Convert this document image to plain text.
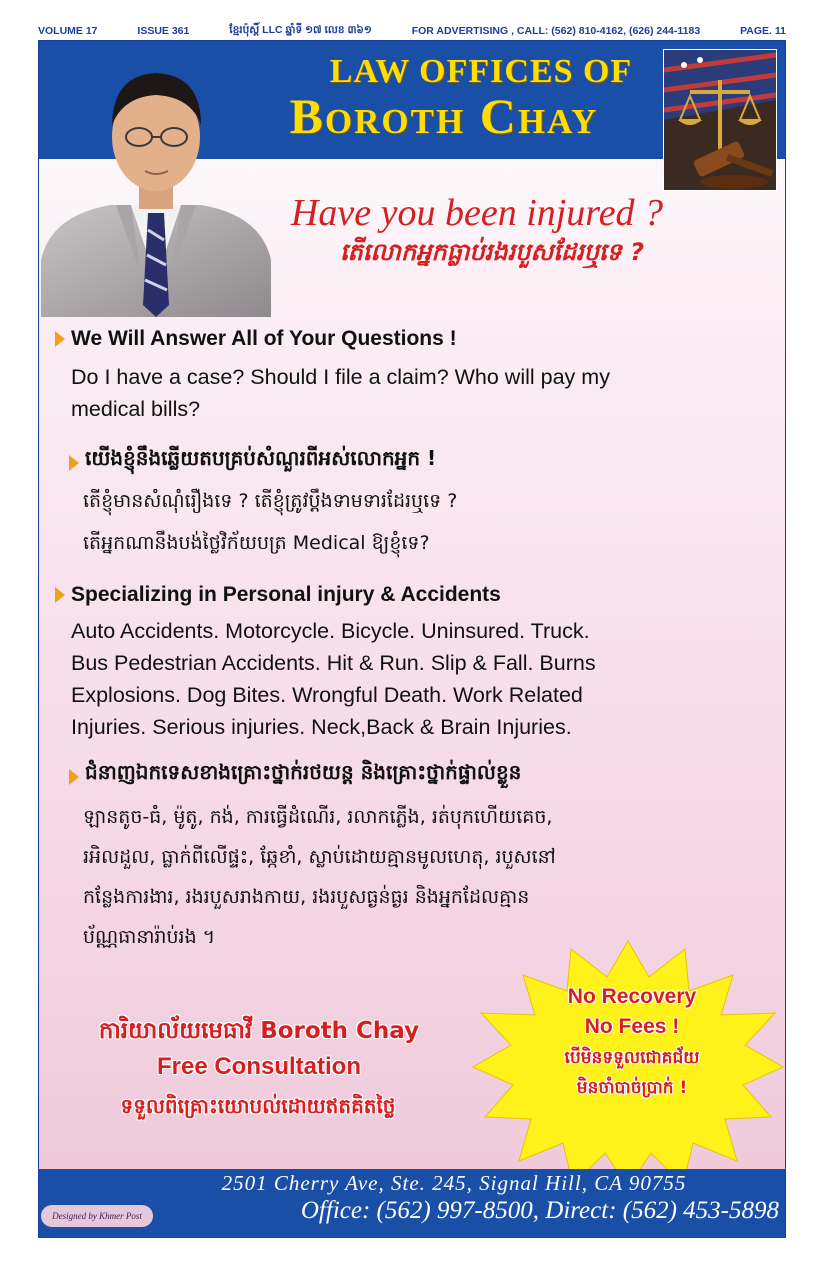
VOLUME 17	ISSUE 361	ខ្មែរប៉ុស្តិ៍ LLC ឆ្នាំទី ១៧ លេខ ៣៦១	FOR ADVERTISING , CALL: (562) 810-4162, (626) 244-1183	PAGE. 11
LAW OFFICES OF
Boroth Chay
Have you been injured ?
តើលោកអ្នកធ្លាប់រងរបួសដែរឬទេ ?
We Will Answer All of Your Questions !
Do I have a case? Should I file a claim? Who will pay my
medical bills?
យើងខ្ញុំនឹងឆ្លើយតបគ្រប់សំណួរពីអស់លោកអ្នក !
តើខ្ញុំមានសំណុំរឿងទេ ? តើខ្ញុំត្រូវប្ដឹងទាមទារដែរឬទេ ?
តើអ្នកណានឹងបង់ថ្លៃវិក័យបត្រ Medical ឱ្យខ្ញុំទេ?
Specializing in Personal injury & Accidents
Auto Accidents. Motorcycle. Bicycle. Uninsured. Truck.
Bus Pedestrian Accidents. Hit & Run. Slip & Fall. Burns
Explosions. Dog Bites. Wrongful Death. Work Related
Injuries. Serious injuries. Neck,Back & Brain Injuries.
ជំនាញឯកទេសខាងគ្រោះថ្នាក់រថយន្ត និងគ្រោះថ្នាក់ផ្ទាល់ខ្លួន
ឡានតូច-ធំ, ម៉ូតូ, កង់, ការធ្វើដំណើរ, រលាកភ្លើង, រត់បុកហើយគេច,
រអិលដួល, ធ្លាក់ពីលើផ្ទះ, ឆ្កែខាំ, ស្លាប់ដោយគ្មានមូលហេតុ, របួសនៅ
កន្លែងការងារ, រងរបួសរាងកាយ, រងរបួសធ្ងន់ធ្ងរ និងអ្នកដែលគ្មាន
ប័ណ្ណធានារ៉ាប់រង ។
ការិយាល័យមេធាវី Boroth Chay
Free Consultation
ទទួលពិគ្រោះយោបល់ដោយឥតគិតថ្លៃ
No Recovery
No Fees !
បើមិនទទួលជោគជ័យ
មិនចាំបាច់ប្រាក់ !
2501 Cherry Ave, Ste. 245, Signal Hill, CA 90755
Office: (562) 997-8500, Direct: (562) 453-5898
Designed by Khmer Post
